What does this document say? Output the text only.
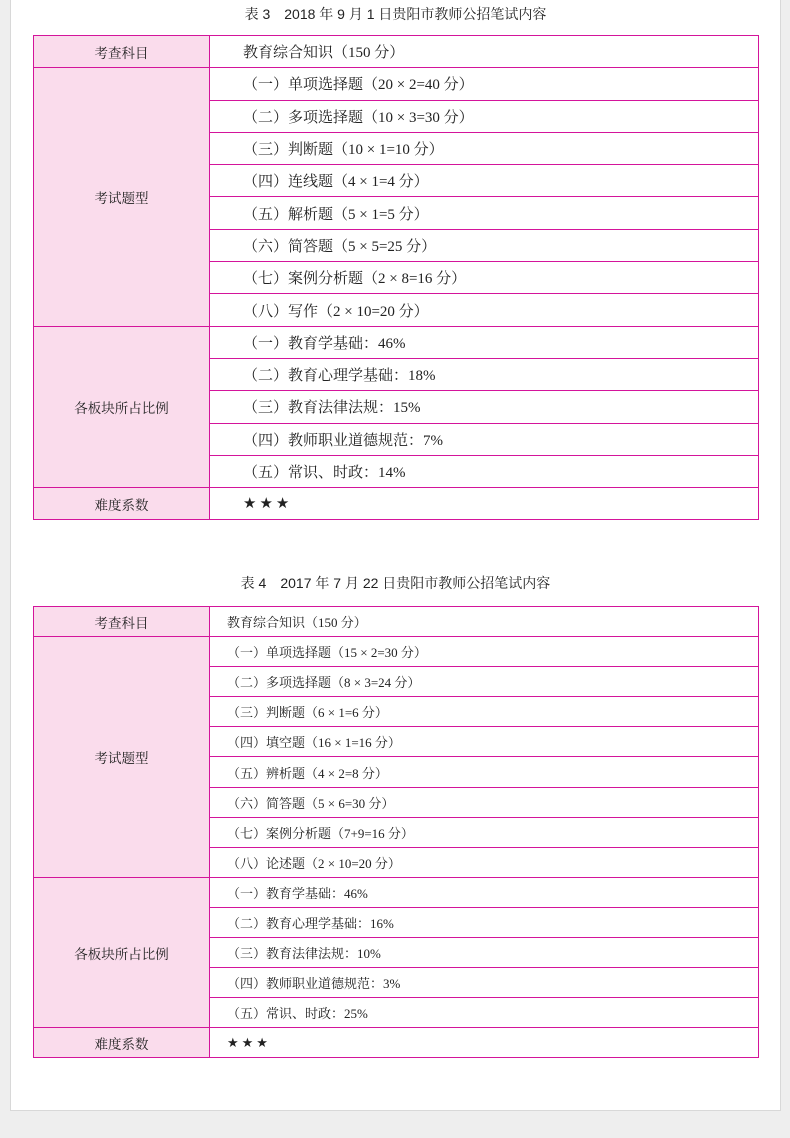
表 3　2018 年 9 月 1 日贵阳市教师公招笔试内容
考查科目	教育综合知识（150 分）
考试题型	（一）单项选择题（20 × 2=40 分）
	（二）多项选择题（10 × 3=30 分）
	（三）判断题（10 × 1=10 分）
	（四）连线题（4 × 1=4 分）
	（五）解析题（5 × 1=5 分）
	（六）简答题（5 × 5=25 分）
	（七）案例分析题（2 × 8=16 分）
	（八）写作（2 × 10=20 分）
各板块所占比例	（一）教育学基础：46%
	（二）教育心理学基础：18%
	（三）教育法律法规：15%
	（四）教师职业道德规范：7%
	（五）常识、时政：14%
难度系数	★★★
表 4　2017 年 7 月 22 日贵阳市教师公招笔试内容
考查科目	教育综合知识（150 分）
考试题型	（一）单项选择题（15 × 2=30 分）
	（二）多项选择题（8 × 3=24 分）
	（三）判断题（6 × 1=6 分）
	（四）填空题（16 × 1=16 分）
	（五）辨析题（4 × 2=8 分）
	（六）简答题（5 × 6=30 分）
	（七）案例分析题（7+9=16 分）
	（八）论述题（2 × 10=20 分）
各板块所占比例	（一）教育学基础：46%
	（二）教育心理学基础：16%
	（三）教育法律法规：10%
	（四）教师职业道德规范：3%
	（五）常识、时政：25%
难度系数	★★★
